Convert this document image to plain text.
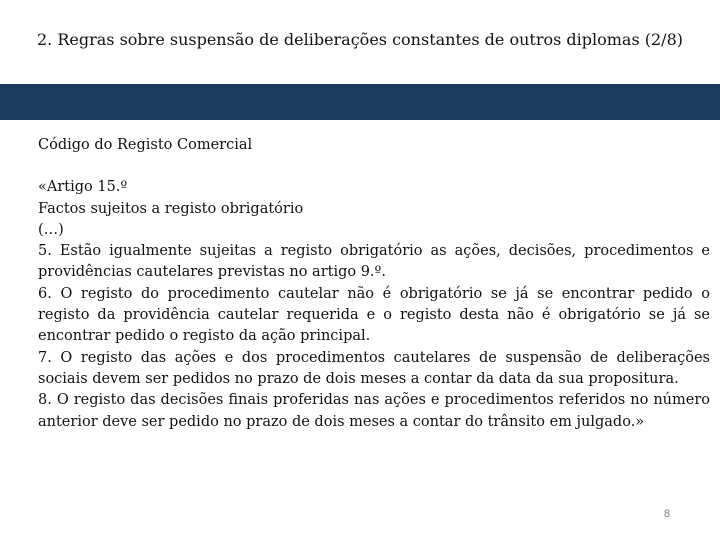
2. Regras sobre suspensão de deliberações constantes de outros diplomas (2/8)
Código do Registo Comercial
«Artigo 15.º
Factos sujeitos a registo obrigatório
(…)
5. Estão igualmente sujeitas a registo obrigatório as ações, decisões, procedimentos e providências cautelares previstas no artigo 9.º.
6. O registo do procedimento cautelar não é obrigatório se já se encontrar pedido o registo da providência cautelar requerida e o registo desta não é obrigatório se já se encontrar pedido o registo da ação principal.
7. O registo das ações e dos procedimentos cautelares de suspensão de deliberações sociais devem ser pedidos no prazo de dois meses a contar da data da sua propositura.
8. O registo das decisões finais proferidas nas ações e procedimentos referidos no número anterior deve ser pedido no prazo de dois meses a contar do trânsito em julgado.»
8
